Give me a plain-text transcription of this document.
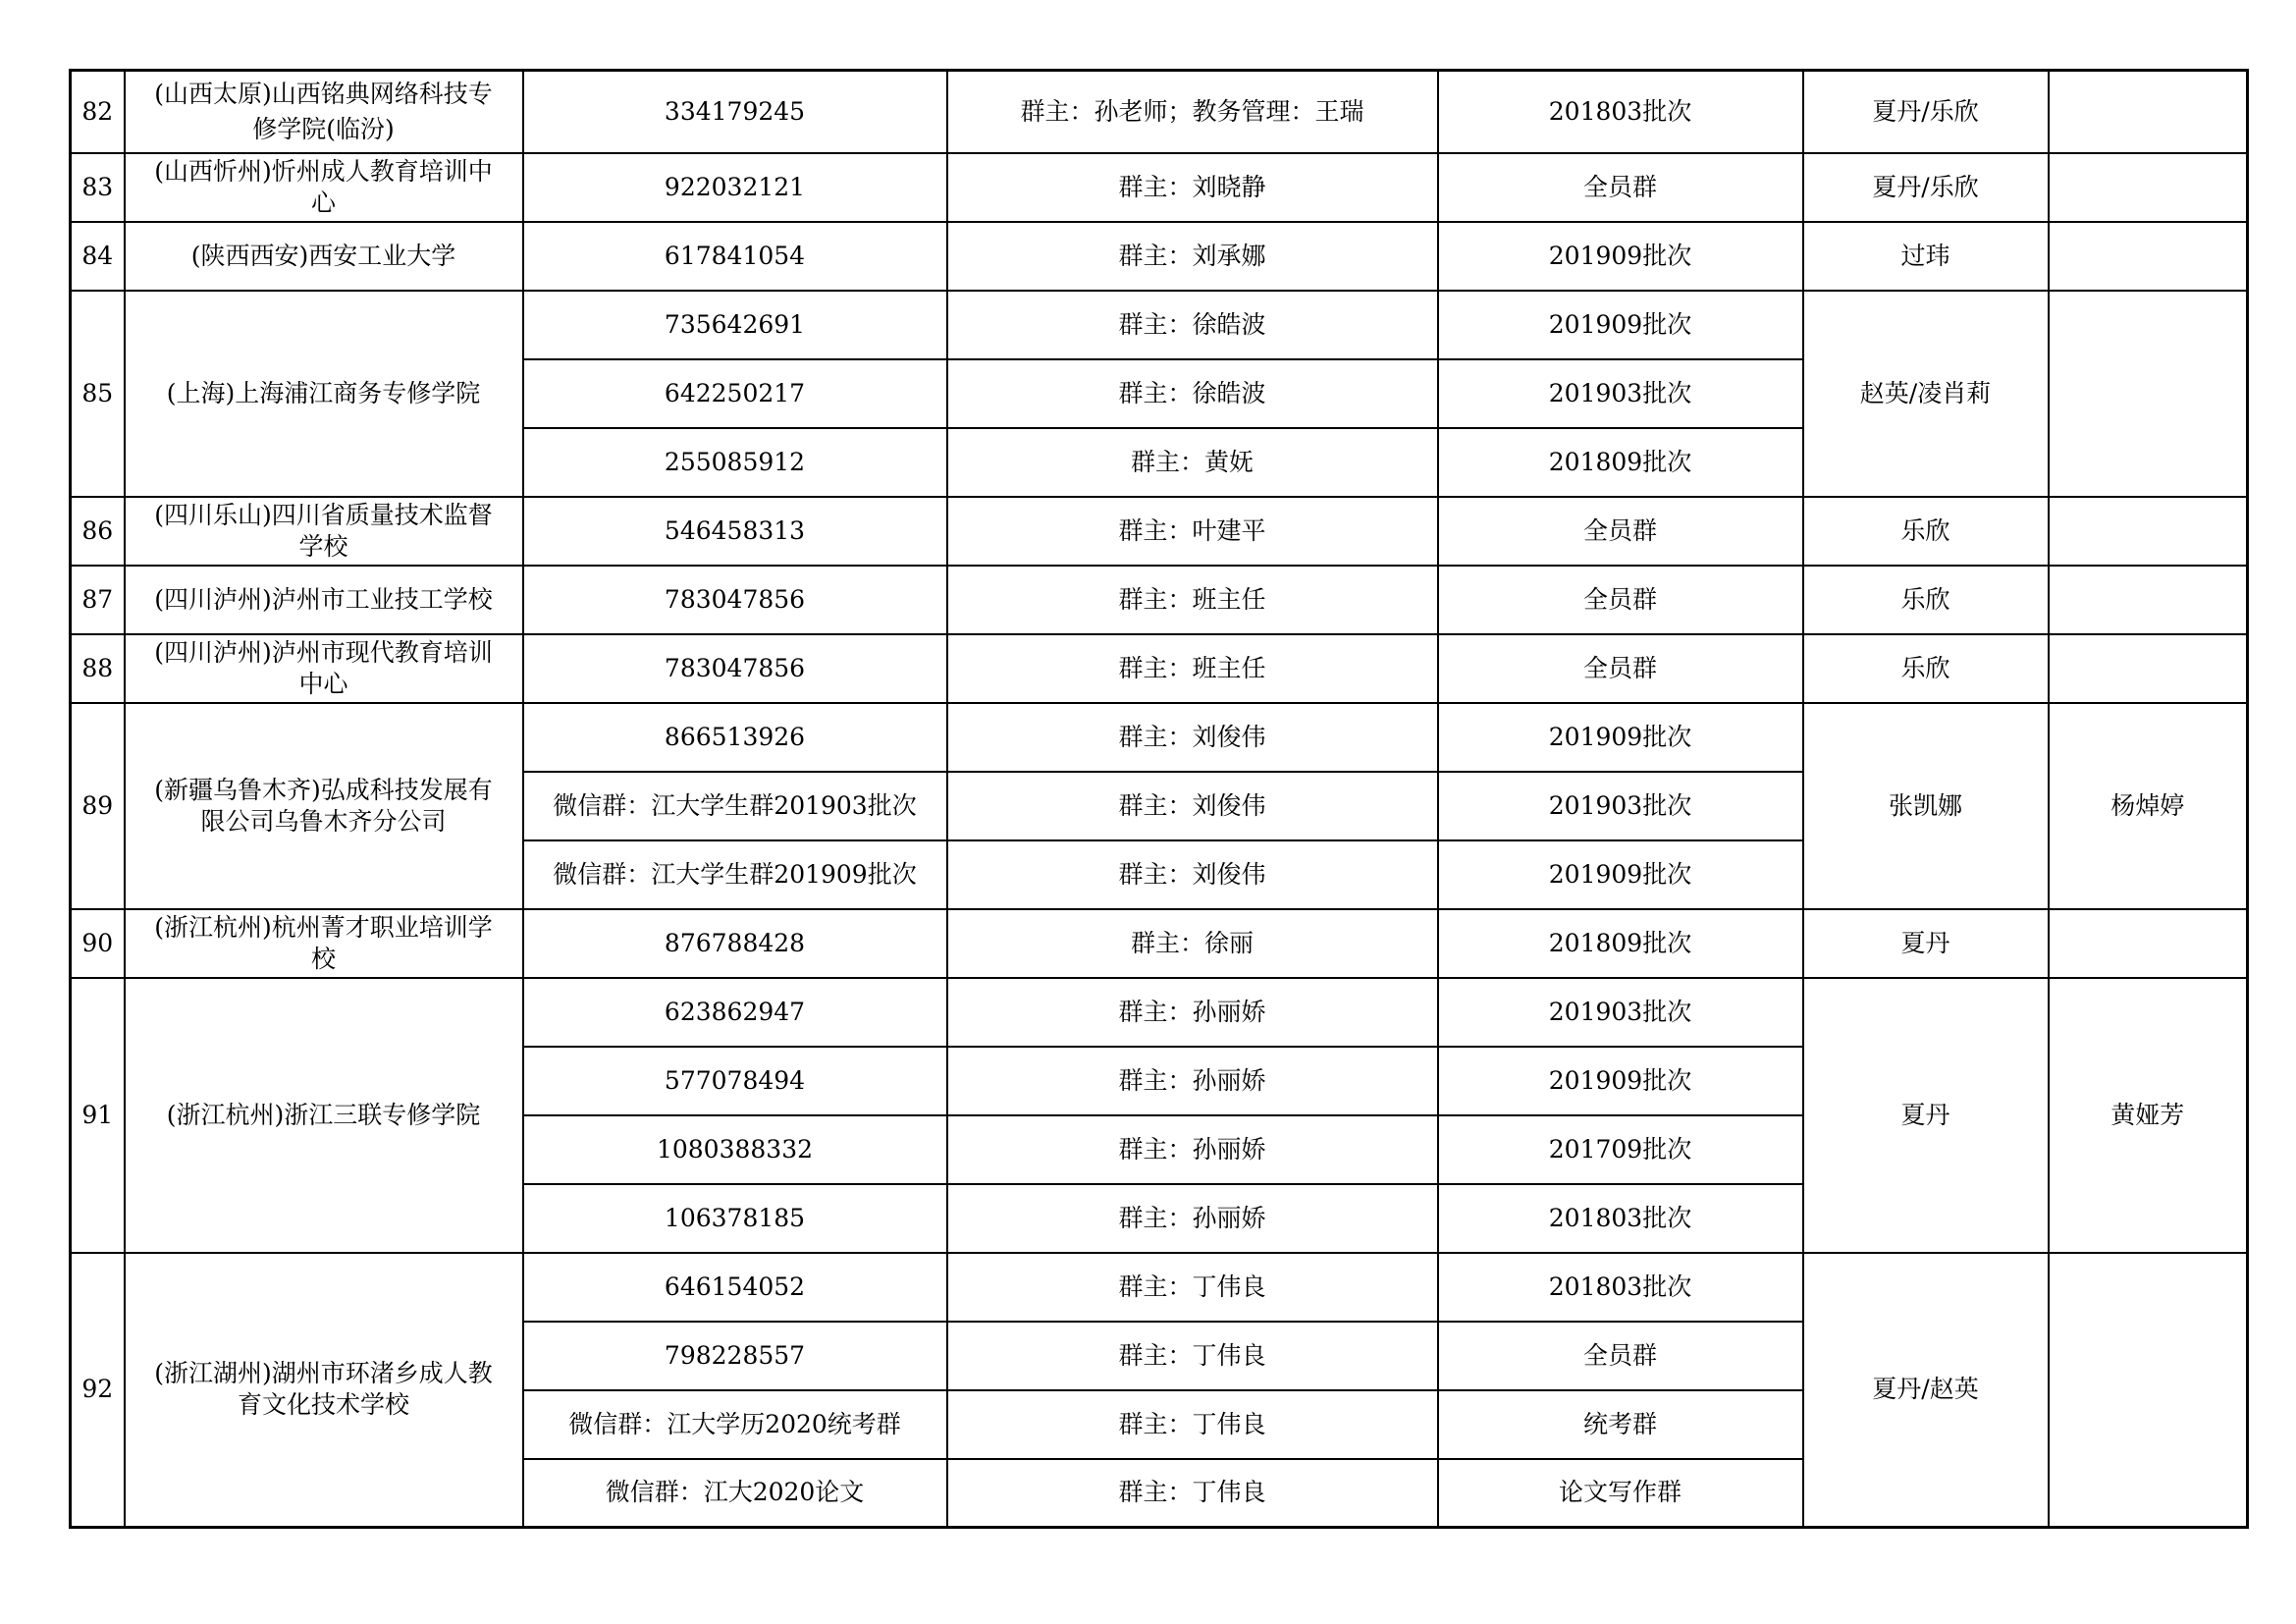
82	(山西太原)山西铭典网络科技专
修学院(临汾)	334179245	群主：孙老师；教务管理：王瑞	201803批次	夏丹/乐欣	
83	(山西忻州)忻州成人教育培训中
心	922032121	群主：刘晓静	全员群	夏丹/乐欣	
84	(陕西西安)西安工业大学	617841054	群主：刘承娜	201909批次	过玮	
85	(上海)上海浦江商务专修学院	735642691	群主：徐皓波	201909批次	赵英/凌肖莉	
		642250217	群主：徐皓波	201903批次		
		255085912	群主：黄妩	201809批次		
86	(四川乐山)四川省质量技术监督
学校	546458313	群主：叶建平	全员群	乐欣	
87	(四川泸州)泸州市工业技工学校	783047856	群主：班主任	全员群	乐欣	
88	(四川泸州)泸州市现代教育培训
中心	783047856	群主：班主任	全员群	乐欣	
89	(新疆乌鲁木齐)弘成科技发展有
限公司乌鲁木齐分公司	866513926	群主：刘俊伟	201909批次	张凯娜	杨焯婷
		微信群：江大学生群201903批次	群主：刘俊伟	201903批次		
		微信群：江大学生群201909批次	群主：刘俊伟	201909批次		
90	(浙江杭州)杭州菁才职业培训学
校	876788428	群主：徐丽	201809批次	夏丹	
91	(浙江杭州)浙江三联专修学院	623862947	群主：孙丽娇	201903批次	夏丹	黄娅芳
		577078494	群主：孙丽娇	201909批次		
		1080388332	群主：孙丽娇	201709批次		
		106378185	群主：孙丽娇	201803批次		
92	(浙江湖州)湖州市环渚乡成人教
育文化技术学校	646154052	群主：丁伟良	201803批次	夏丹/赵英	
		798228557	群主：丁伟良	全员群		
		微信群：江大学历2020统考群	群主：丁伟良	统考群		
		微信群：江大2020论文	群主：丁伟良	论文写作群		
